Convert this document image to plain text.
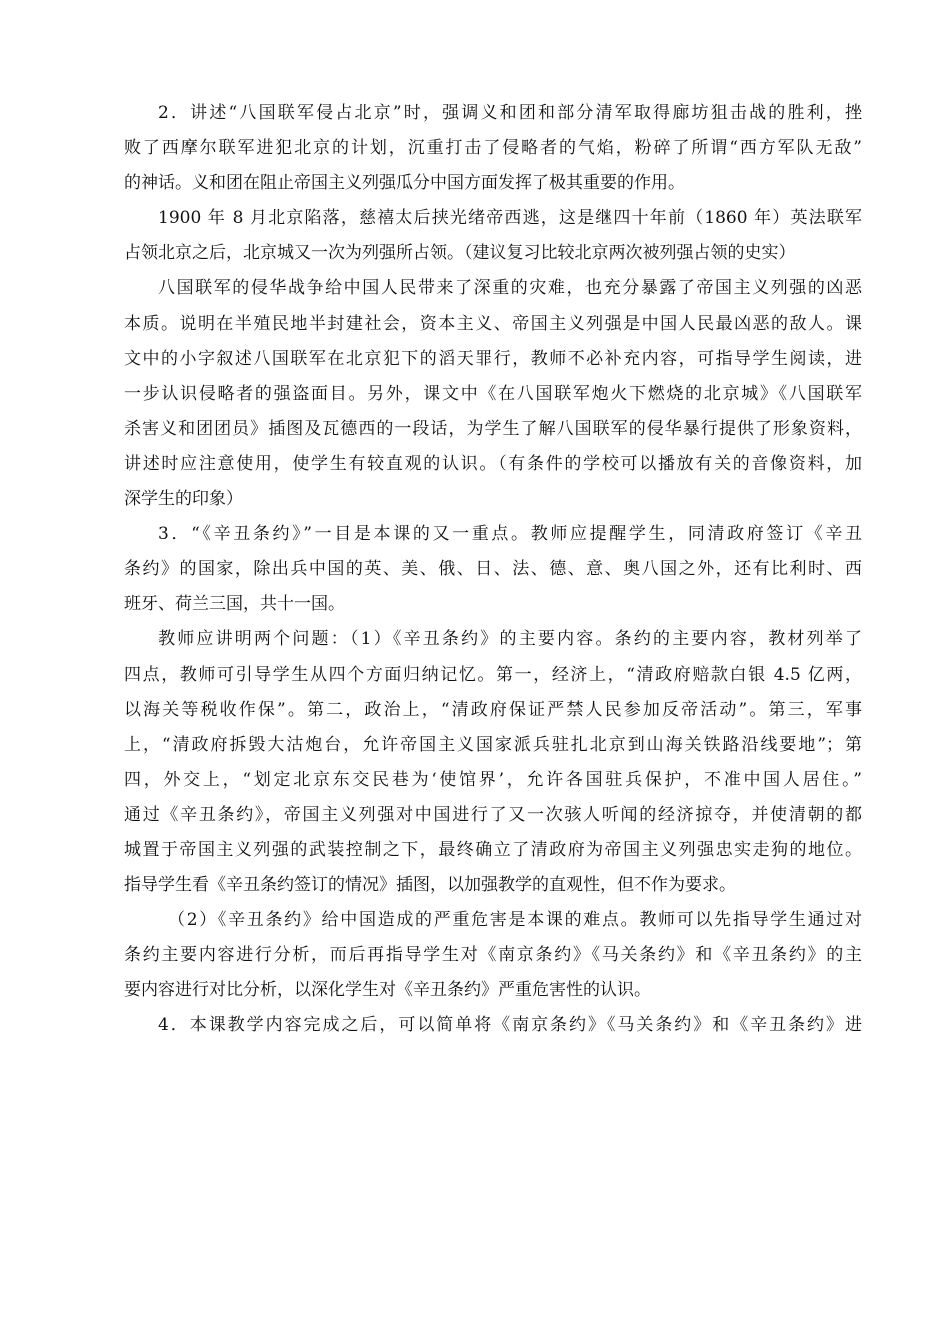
2．讲述“八国联军侵占北京”时，强调义和团和部分清军取得廊坊狙击战的胜利，挫
败了西摩尔联军进犯北京的计划，沉重打击了侵略者的气焰，粉碎了所谓“西方军队无敌”
的神话。义和团在阻止帝国主义列强瓜分中国方面发挥了极其重要的作用。
1900 年 8 月北京陷落，慈禧太后挟光绪帝西逃，这是继四十年前（1860 年）英法联军
占领北京之后，北京城又一次为列强所占领。（建议复习比较北京两次被列强占领的史实）
八国联军的侵华战争给中国人民带来了深重的灾难，也充分暴露了帝国主义列强的凶恶
本质。说明在半殖民地半封建社会，资本主义、帝国主义列强是中国人民最凶恶的敌人。课
文中的小字叙述八国联军在北京犯下的滔天罪行，教师不必补充内容，可指导学生阅读，进
一步认识侵略者的强盗面目。另外，课文中《在八国联军炮火下燃烧的北京城》《八国联军
杀害义和团团员》插图及瓦德西的一段话，为学生了解八国联军的侵华暴行提供了形象资料，
讲述时应注意使用，使学生有较直观的认识。（有条件的学校可以播放有关的音像资料，加
深学生的印象）
3．“《辛丑条约》”一目是本课的又一重点。教师应提醒学生，同清政府签订《辛丑
条约》的国家，除出兵中国的英、美、俄、日、法、德、意、奥八国之外，还有比利时、西
班牙、荷兰三国，共十一国。
教师应讲明两个问题：（1）《辛丑条约》的主要内容。条约的主要内容，教材列举了
四点，教师可引导学生从四个方面归纳记忆。第一，经济上，“清政府赔款白银 4.5 亿两，
以海关等税收作保”。第二，政治上，“清政府保证严禁人民参加反帝活动”。第三，军事
上，“清政府拆毁大沽炮台，允许帝国主义国家派兵驻扎北京到山海关铁路沿线要地”；第
四，外交上，“划定北京东交民巷为‘使馆界’，允许各国驻兵保护，不准中国人居住。”
通过《辛丑条约》，帝国主义列强对中国进行了又一次骇人听闻的经济掠夺，并使清朝的都
城置于帝国主义列强的武装控制之下，最终确立了清政府为帝国主义列强忠实走狗的地位。
指导学生看《辛丑条约签订的情况》插图，以加强教学的直观性，但不作为要求。
（2）《辛丑条约》给中国造成的严重危害是本课的难点。教师可以先指导学生通过对
条约主要内容进行分析，而后再指导学生对《南京条约》《马关条约》和《辛丑条约》的主
要内容进行对比分析，以深化学生对《辛丑条约》严重危害性的认识。
4．本课教学内容完成之后，可以简单将《南京条约》《马关条约》和《辛丑条约》进
